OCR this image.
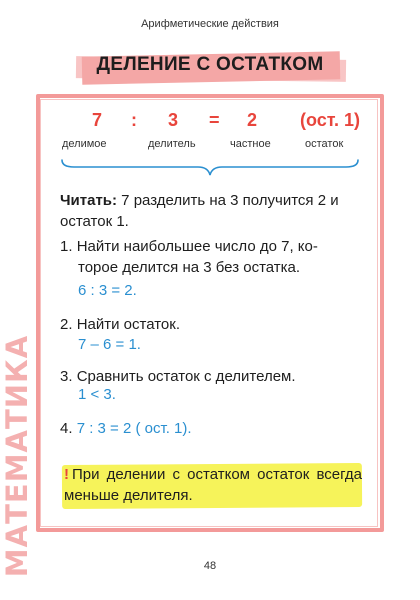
Арифметические действия
ДЕЛЕНИЕ С ОСТАТКОМ
7 : 3 = 2 (ост. 1)
делимое	делитель	частное	остаток
Читать: 7 разделить на 3 получится 2 и остаток 1.
1. Найти наибольшее число до 7, ко-
торое делится на 3 без остатка.
6 : 3 = 2.
2. Найти остаток.
7 – 6 = 1.
3. Сравнить остаток с делителем.
1 < 3.
4. 7 : 3 = 2 ( ост. 1).
! При делении с остатком остаток всегда меньше делителя.
МАТЕМАТИКА	48
